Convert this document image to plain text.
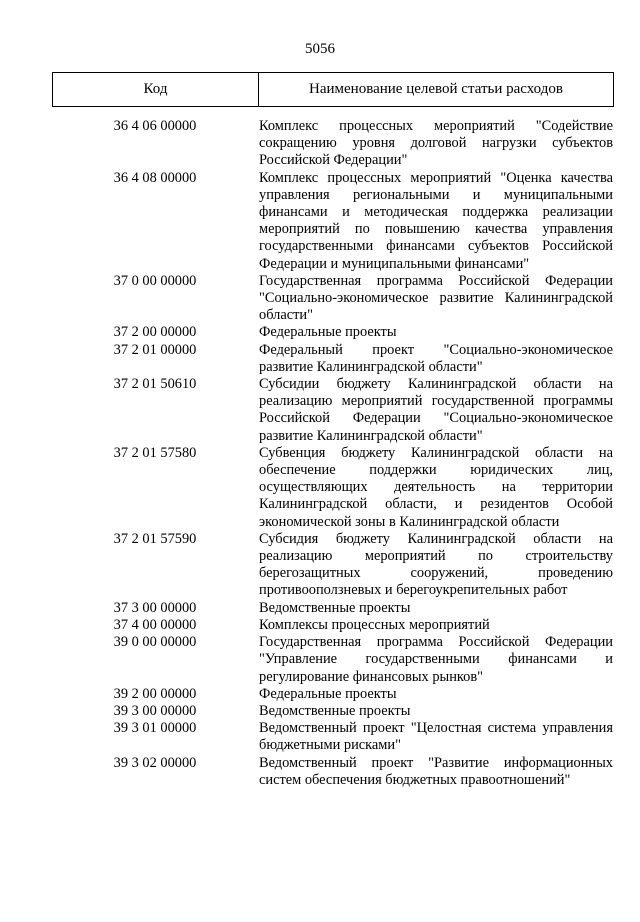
5056
Код	Наименование целевой статьи расходов
36 4 06 00000	Комплекс процессных мероприятий "Содействие сокращению уровня долговой нагрузки субъектов Российской Федерации"
36 4 08 00000	Комплекс процессных мероприятий "Оценка качества управления региональными и муниципальными финансами и методическая поддержка реализации мероприятий по повышению качества управления государственными финансами субъектов Российской Федерации и муниципальными финансами"
37 0 00 00000	Государственная программа Российской Федерации "Социально-экономическое развитие Калининградской области"
37 2 00 00000	Федеральные проекты
37 2 01 00000	Федеральный проект "Социально-экономическое развитие Калининградской области"
37 2 01 50610	Субсидии бюджету Калининградской области на реализацию мероприятий государственной программы Российской Федерации "Социально-экономическое развитие Калининградской области"
37 2 01 57580	Субвенция бюджету Калининградской области на обеспечение поддержки юридических лиц, осуществляющих деятельность на территории Калининградской области, и резидентов Особой экономической зоны в Калининградской области
37 2 01 57590	Субсидия бюджету Калининградской области на реализацию мероприятий по строительству берегозащитных сооружений, проведению противооползневых и берегоукрепительных работ
37 3 00 00000	Ведомственные проекты
37 4 00 00000	Комплексы процессных мероприятий
39 0 00 00000	Государственная программа Российской Федерации "Управление государственными финансами и регулирование финансовых рынков"
39 2 00 00000	Федеральные проекты
39 3 00 00000	Ведомственные проекты
39 3 01 00000	Ведомственный проект "Целостная система управления бюджетными рисками"
39 3 02 00000	Ведомственный проект "Развитие информационных систем обеспечения бюджетных правоотношений"
